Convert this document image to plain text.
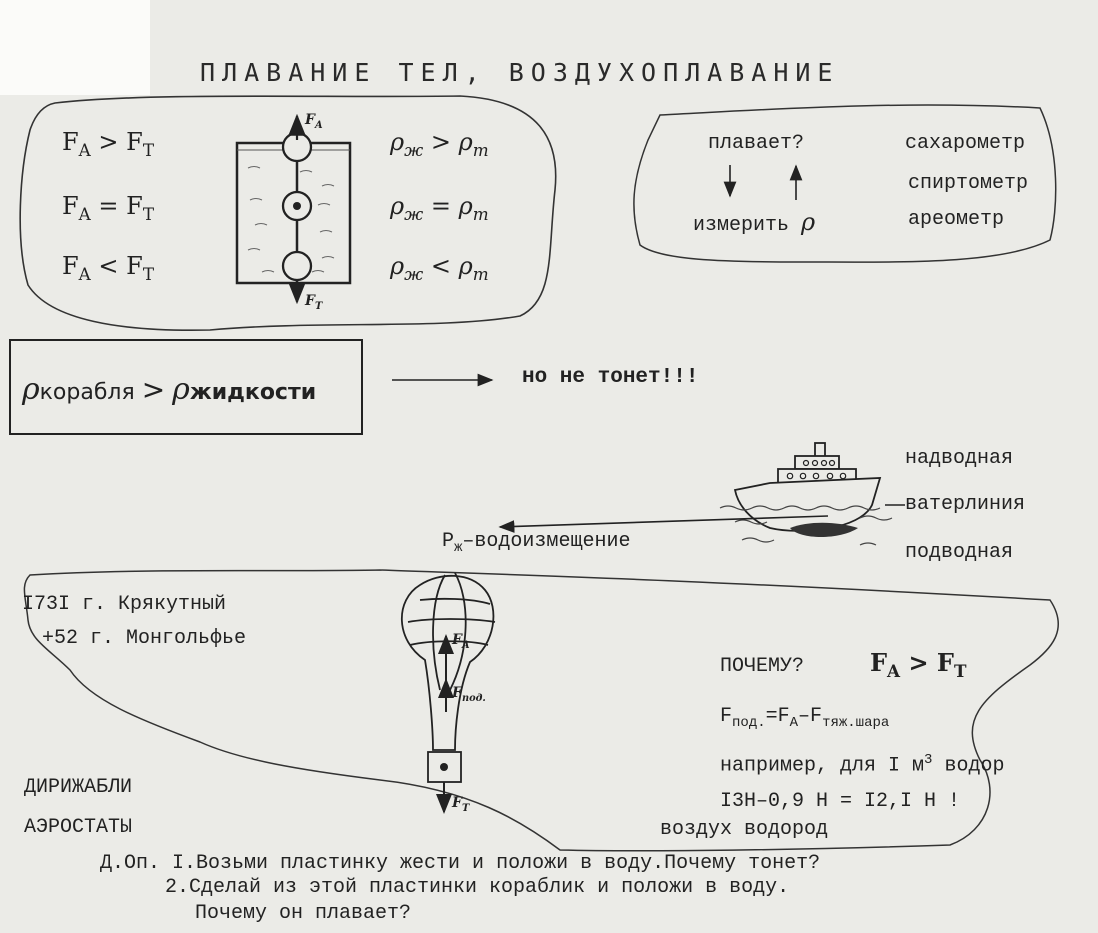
ПЛАВАНИЕ ТЕЛ, ВОЗДУХОПЛАВАНИЕ
$F_A > F_T$
$F_A = F_T$
$F_A < F_T$
$F_A$
$F_T$
$\rho_ж > \rho_т$
$\rho_ж = \rho_т$
$\rho_ж < \rho_т$
плавает?
измерить ρ
сахарометр
спиртометр
ареометр
ρкорабля > ρжидкости
но не тонет!!!
надводная
ватерлиния
подводная
$P_ж$–водоизмещение
I73I г. Крякутный
+52 г. Монгольфье	$F_A$
$F_{под.}$
$F_T$
ПОЧЕМУ?	$F_A > F_T$
$F_{под.}=F_A-F_{тяж.шара}$
например, для I $м^3$ водор
I3H–0,9 H = I2,I H !
воздух водород
ДИРИЖАБЛИ
АЭРОСТАТЫ
Д.Оп. I.Возьми пластинку жести и положи в воду.Почему тонет?
2.Сделай из этой пластинки кораблик и положи в воду.
Почему он плавает?
